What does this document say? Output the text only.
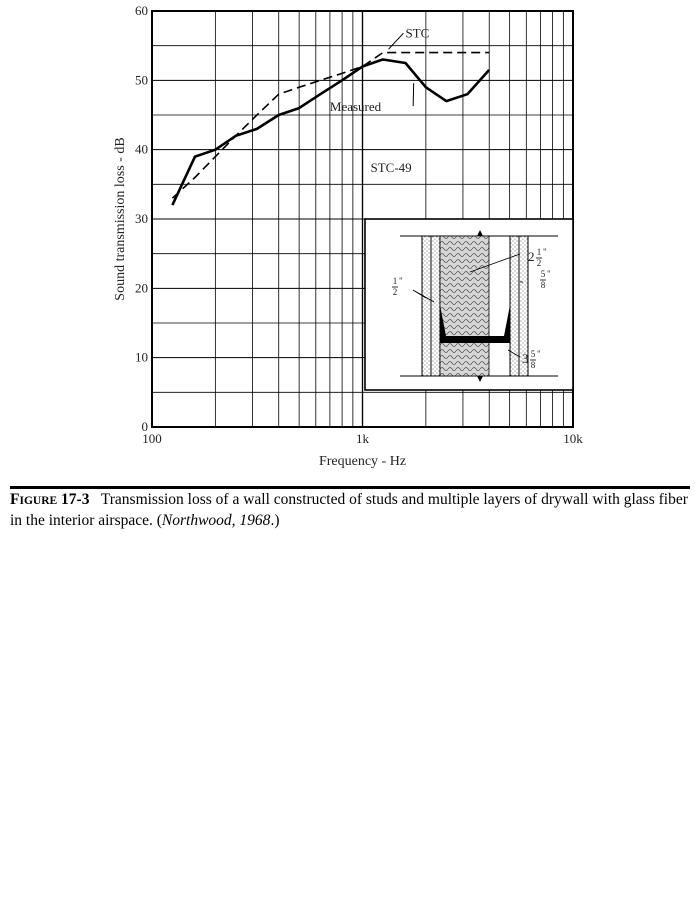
0
10
20
30
40
50
60
100	1k	10k
Frequency - Hz
Sound transmission loss - dB
STC
Measured
STC-49
1
2
"
2 1
2
"
5
8
"
3 5
8
"
FIGURE 17-3 Transmission loss of a wall constructed of studs and multiple layers of drywall with glass fiber in the interior airspace. (Northwood, 1968.)
